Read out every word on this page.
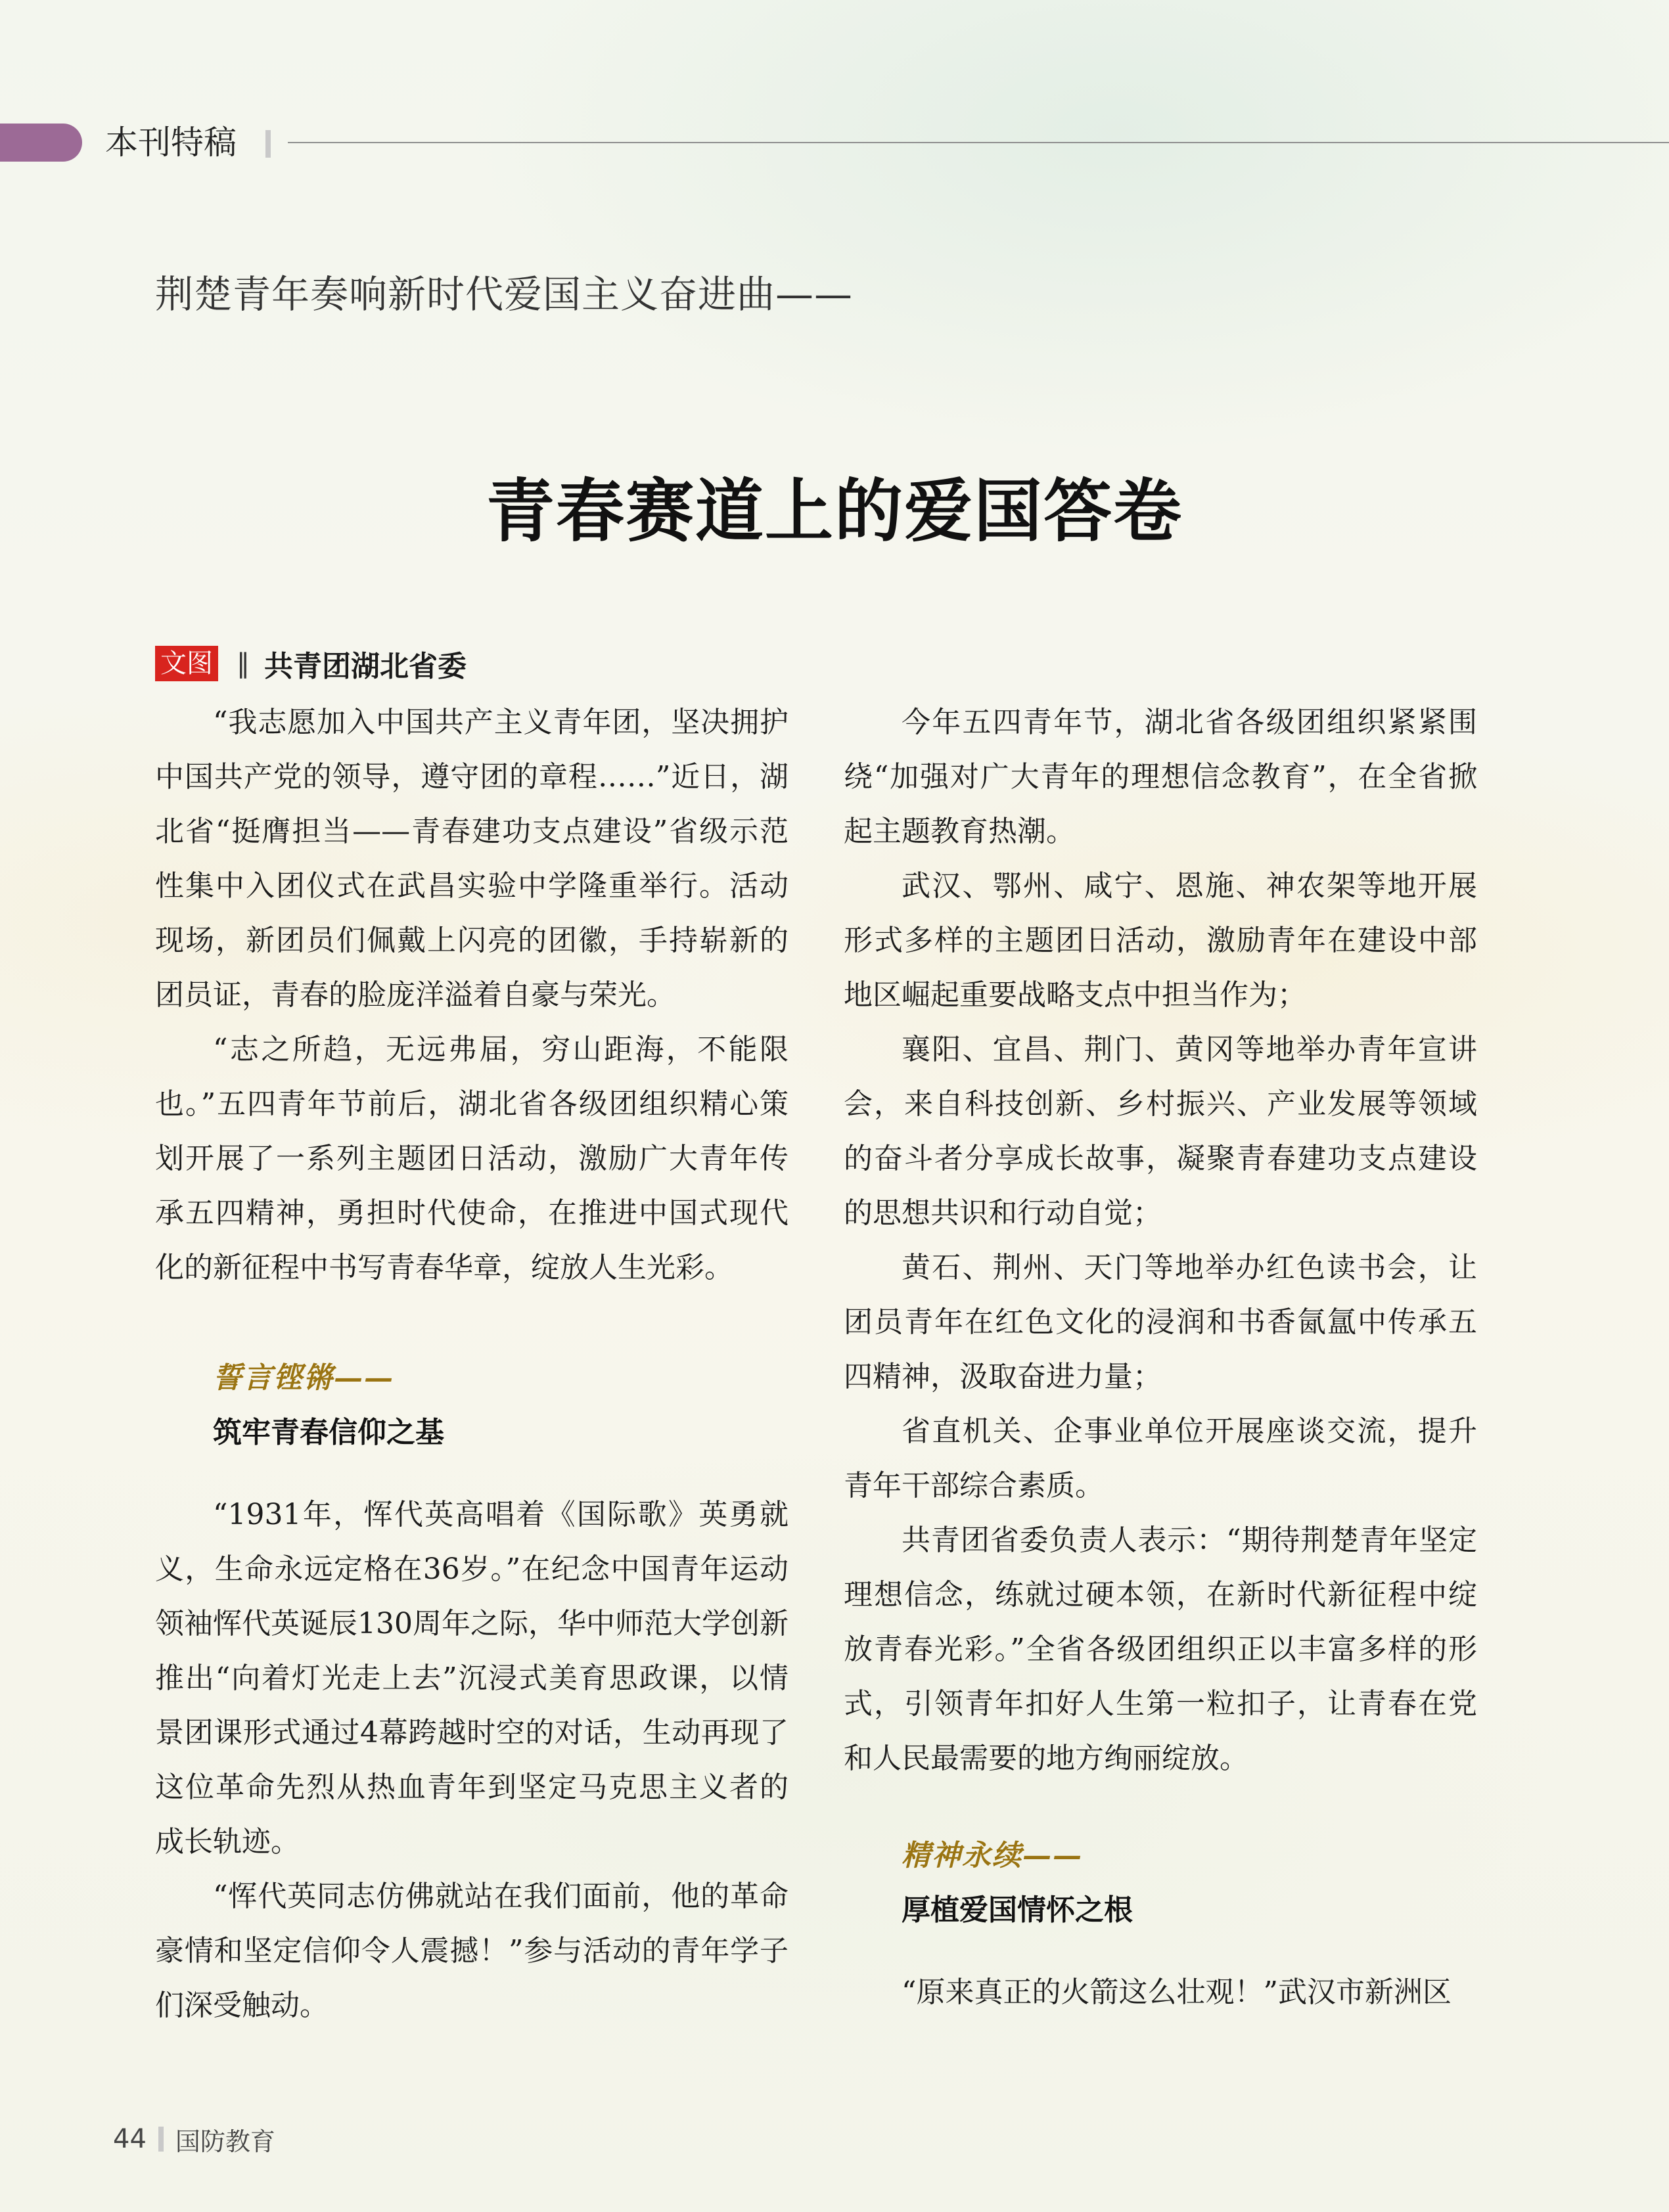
本刊特稿
荆楚青年奏响新时代爱国主义奋进曲——
青春赛道上的爱国答卷
文图 ‖ 共青团湖北省委

“我志愿加入中国共产主义青年团，坚决拥护中国共产党的领导，遵守团的章程……”近日，湖北省“挺膺担当——青春建功支点建设”省级示范性集中入团仪式在武昌实验中学隆重举行。活动现场，新团员们佩戴上闪亮的团徽，手持崭新的团员证，青春的脸庞洋溢着自豪与荣光。

“志之所趋，无远弗届，穷山距海，不能限也。”五四青年节前后，湖北省各级团组织精心策划开展了一系列主题团日活动，激励广大青年传承五四精神，勇担时代使命，在推进中国式现代化的新征程中书写青春华章，绽放人生光彩。

誓言铿锵——

筑牢青春信仰之基

“1931年，恽代英高唱着《国际歌》英勇就义，生命永远定格在36岁。”在纪念中国青年运动领袖恽代英诞辰130周年之际，华中师范大学创新推出“向着灯光走上去”沉浸式美育思政课，以情景团课形式通过4幕跨越时空的对话，生动再现了这位革命先烈从热血青年到坚定马克思主义者的成长轨迹。

“恽代英同志仿佛就站在我们面前，他的革命豪情和坚定信仰令人震撼！”参与活动的青年学子们深受触动。

今年五四青年节，湖北省各级团组织紧紧围绕“加强对广大青年的理想信念教育”，在全省掀起主题教育热潮。

武汉、鄂州、咸宁、恩施、神农架等地开展形式多样的主题团日活动，激励青年在建设中部地区崛起重要战略支点中担当作为；

襄阳、宜昌、荆门、黄冈等地举办青年宣讲会，来自科技创新、乡村振兴、产业发展等领域的奋斗者分享成长故事，凝聚青春建功支点建设的思想共识和行动自觉；

黄石、荆州、天门等地举办红色读书会，让团员青年在红色文化的浸润和书香氤氲中传承五四精神，汲取奋进力量；

省直机关、企事业单位开展座谈交流，提升青年干部综合素质。

共青团省委负责人表示：“期待荆楚青年坚定理想信念，练就过硬本领，在新时代新征程中绽放青春光彩。”全省各级团组织正以丰富多样的形式，引领青年扣好人生第一粒扣子，让青春在党和人民最需要的地方绚丽绽放。

精神永续——

厚植爱国情怀之根

“原来真正的火箭这么壮观！”武汉市新洲区

44 国防教育
